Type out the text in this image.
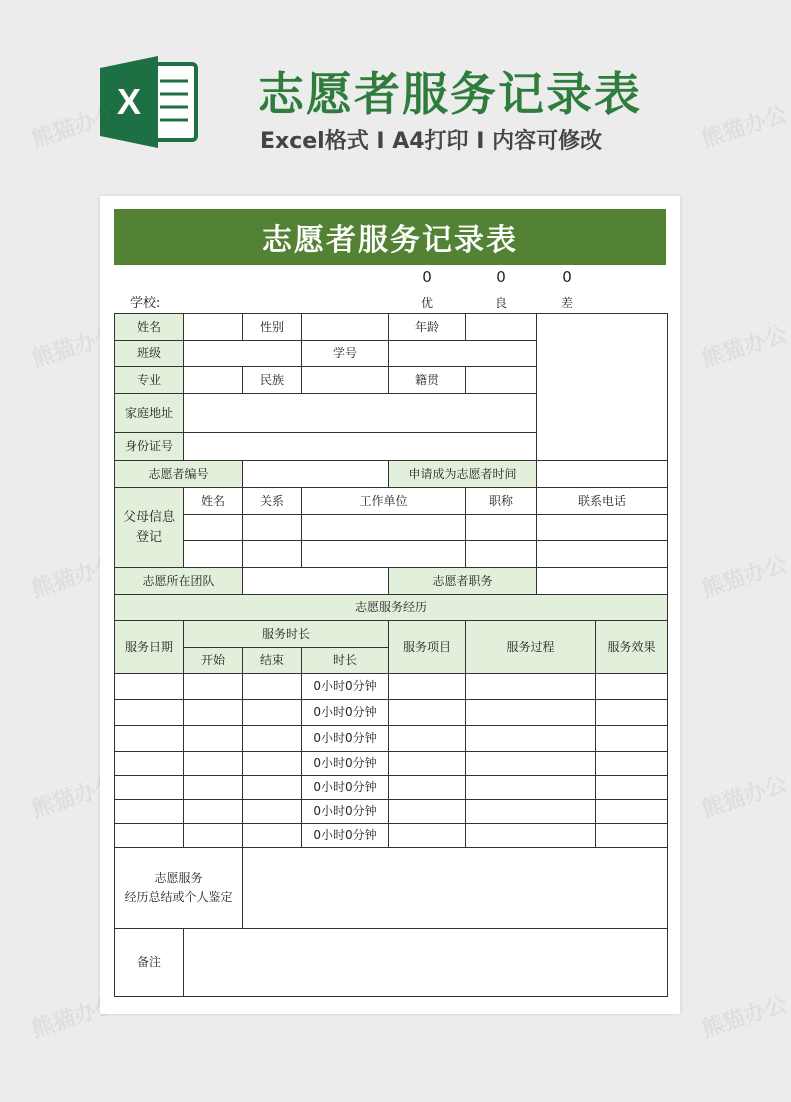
X	志愿者服务记录表
Excel格式 I A4打印 I 内容可修改
熊猫办公	熊猫办公
熊猫办公	熊猫办公
熊猫办公	熊猫办公
熊猫办公	熊猫办公
熊猫办公	熊猫办公
志愿者服务记录表
学校:
0
优
0
良
0
差
姓名		性别		年龄			
班级			学号				
专业		民族		籍贯			
家庭地址							
身份证号							
志愿者编号				申请成为志愿者时间			
父母信息登记	姓名	关系	工作单位		职称	联系电话	

志愿所在团队				志愿者职务			
志愿服务经历							
服务日期	服务时长			服务项目	服务过程		服务效果
	开始	结束	时长				
			0小时0分钟				
			0小时0分钟				
			0小时0分钟				
			0小时0分钟				
			0小时0分钟				
			0小时0分钟				
			0小时0分钟				
志愿服务
经历总结或个人鉴定							
备注							
